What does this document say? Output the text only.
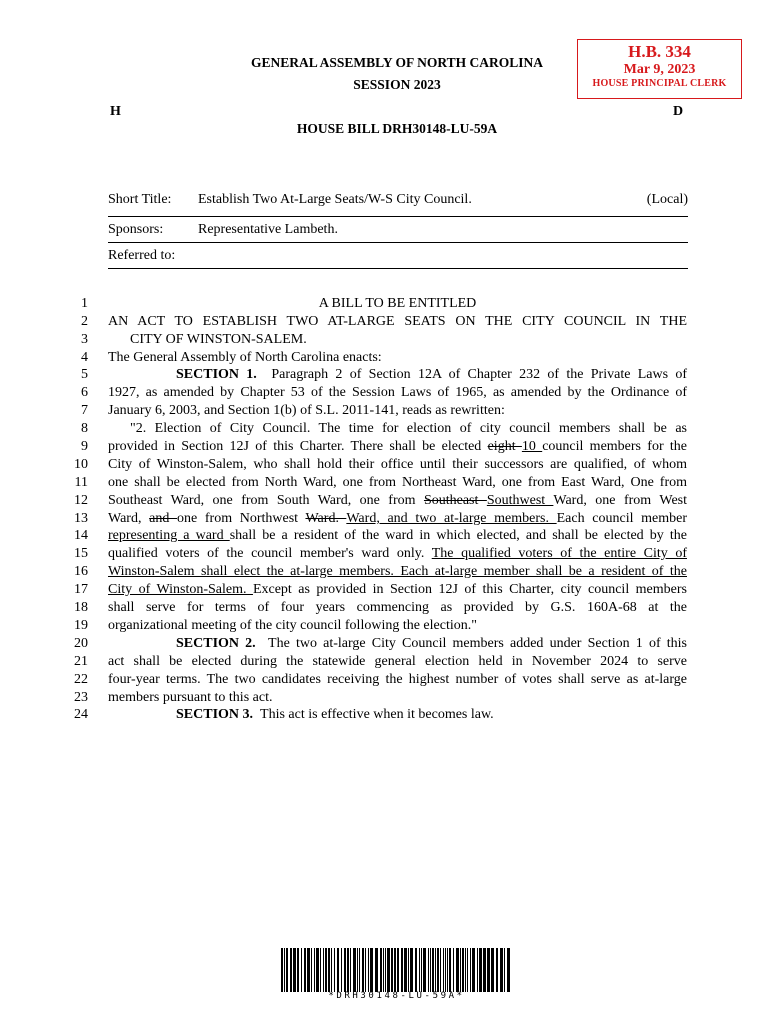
GENERAL ASSEMBLY OF NORTH CAROLINA
SESSION 2023
H	D
HOUSE BILL DRH30148-LU-59A
H.B. 334
Mar 9, 2023
HOUSE PRINCIPAL CLERK
Short Title: Establish Two At-Large Seats/W-S City Council.	(Local)
Sponsors: Representative Lambeth.
Referred to:
1
2
3
4
5
6
7
8
9
10
11
12
13
14
15
16
17
18
19
20
21
22
23
24
A BILL TO BE ENTITLED
AN ACT TO ESTABLISH TWO AT-LARGE SEATS ON THE CITY COUNCIL IN THE
CITY OF WINSTON-SALEM.
The General Assembly of North Carolina enacts:
SECTION 1. Paragraph 2 of Section 12A of Chapter 232 of the Private Laws of
1927, as amended by Chapter 53 of the Session Laws of 1965, as amended by the Ordinance of
January 6, 2003, and Section 1(b) of S.L. 2011-141, reads as rewritten:
"2. Election of City Council. The time for election of city council members shall be as
provided in Section 12J of this Charter. There shall be elected eight 10 council members for the
City of Winston-Salem, who shall hold their office until their successors are qualified, of whom
one shall be elected from North Ward, one from Northeast Ward, one from East Ward, One from
Southeast Ward, one from South Ward, one from Southeast Southwest Ward, one from West
Ward, and one from Northwest Ward. Ward, and two at-large members. Each council member
representing a ward shall be a resident of the ward in which elected, and shall be elected by the
qualified voters of the council member's ward only. The qualified voters of the entire City of
Winston-Salem shall elect the at-large members. Each at-large member shall be a resident of the
City of Winston-Salem. Except as provided in Section 12J of this Charter, city council members
shall serve for terms of four years commencing as provided by G.S. 160A-68 at the
organizational meeting of the city council following the election."
SECTION 2. The two at-large City Council members added under Section 1 of this
act shall be elected during the statewide general election held in November 2024 to serve
four-year terms. The two candidates receiving the highest number of votes shall serve as at-large
members pursuant to this act.
SECTION 3. This act is effective when it becomes law.
*DRH30148-LU-59A*
